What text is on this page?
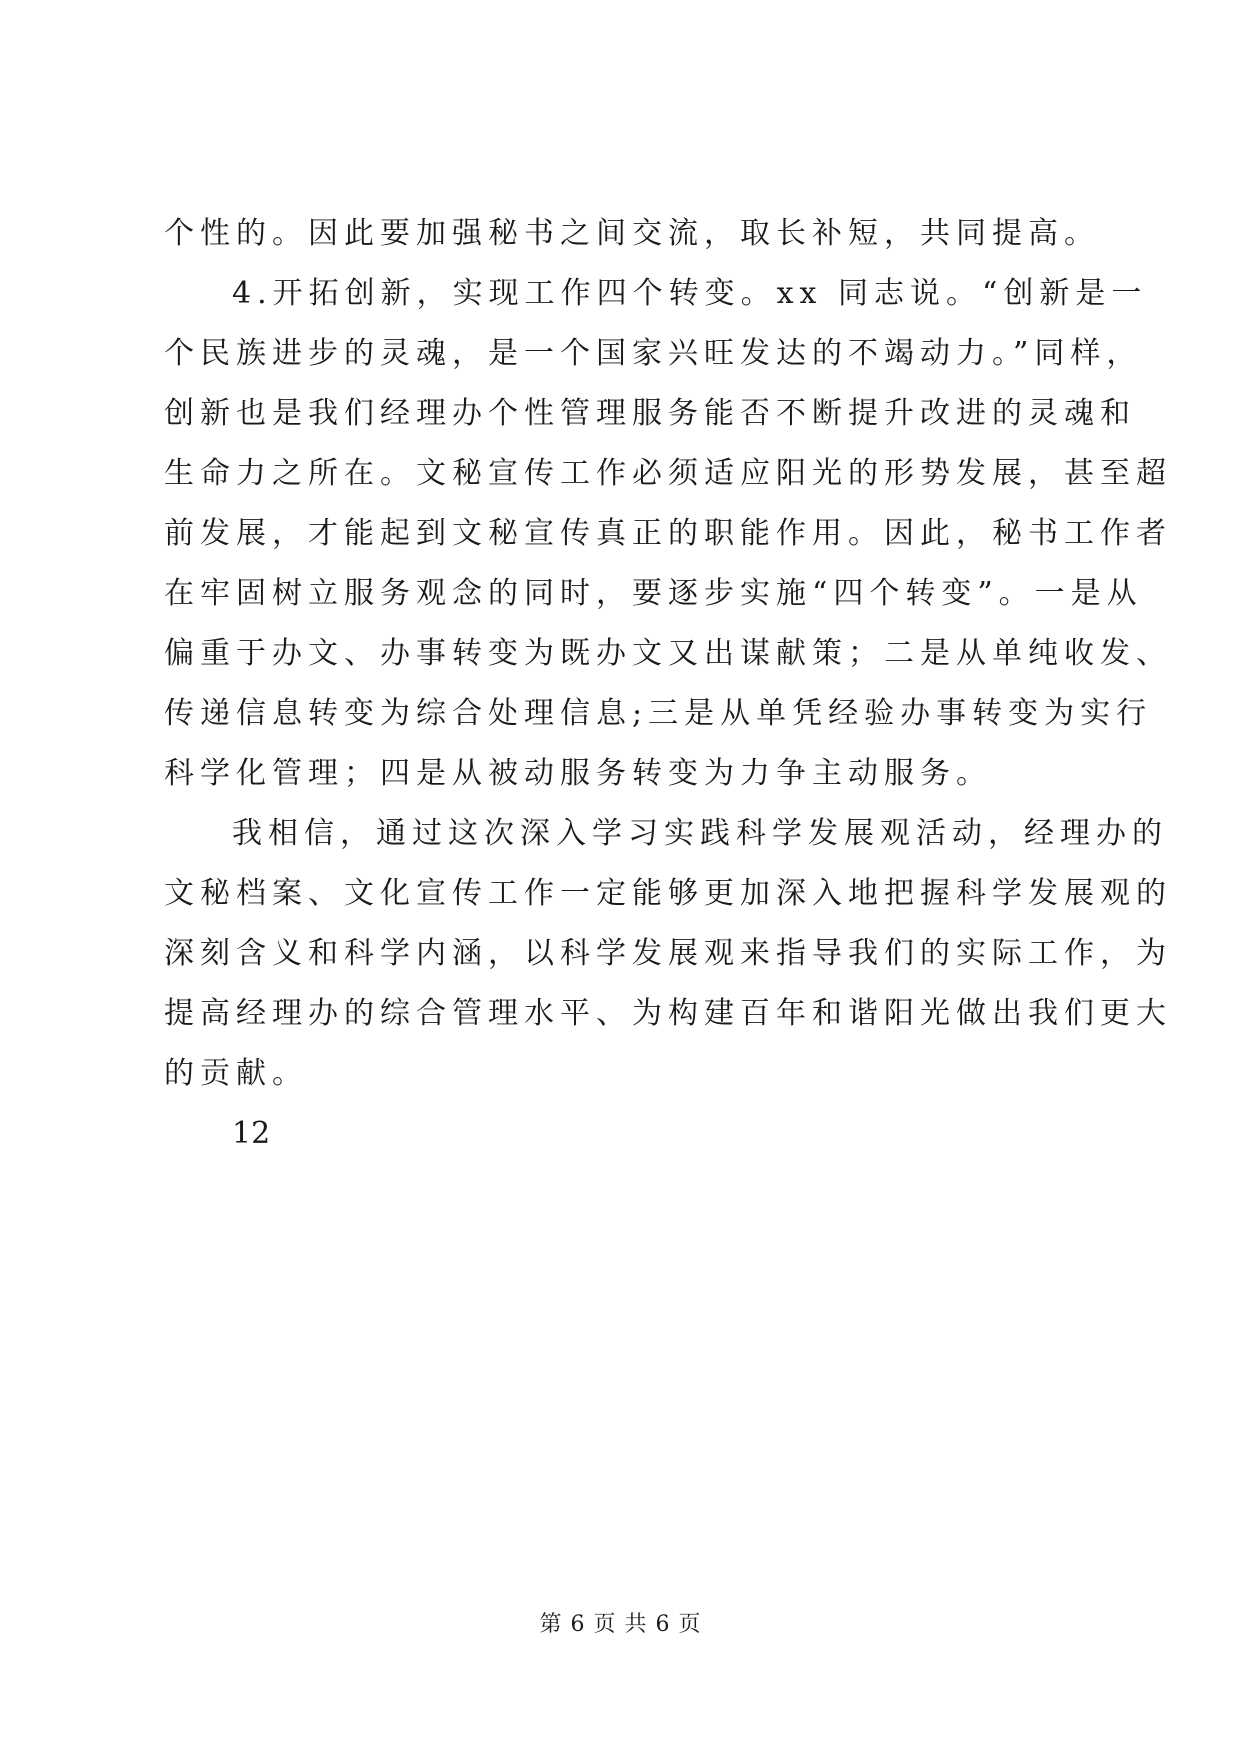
个性的。因此要加强秘书之间交流，取长补短，共同提高。
4.开拓创新，实现工作四个转变。xx 同志说。“创新是一
个民族进步的灵魂，是一个国家兴旺发达的不竭动力。”同样，
创新也是我们经理办个性管理服务能否不断提升改进的灵魂和
生命力之所在。文秘宣传工作必须适应阳光的形势发展，甚至超
前发展，才能起到文秘宣传真正的职能作用。因此，秘书工作者
在牢固树立服务观念的同时，要逐步实施“四个转变”。一是从
偏重于办文、办事转变为既办文又出谋献策；二是从单纯收发、
传递信息转变为综合处理信息;三是从单凭经验办事转变为实行
科学化管理；四是从被动服务转变为力争主动服务。
我相信，通过这次深入学习实践科学发展观活动，经理办的
文秘档案、文化宣传工作一定能够更加深入地把握科学发展观的
深刻含义和科学内涵，以科学发展观来指导我们的实际工作，为
提高经理办的综合管理水平、为构建百年和谐阳光做出我们更大
的贡献。
12
第 6 页 共 6 页
